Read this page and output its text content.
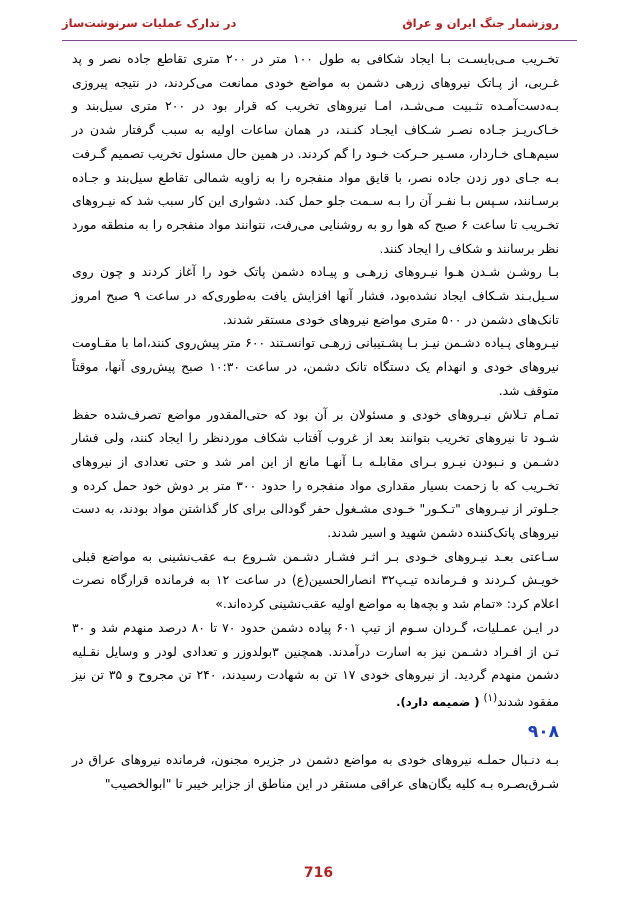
روزشمار جنگ ایران و عراق
در تدارک عملیات سرنوشت‌ساز

تخـریب مـی‌بایسـت بـا ایجاد شکافی به طول ۱۰۰ متر در ۲۰۰ متری تقاطع جاده نصر و پد غـربی، از پـاتک نیروهای زرهی دشمن به مواضع خودی ممانعت می‌کردند، در نتیجه پیروزی بـه‌دست‌آمـده تثـبیت مـی‌شـد، امـا نیروهای تخریب که قرار بود در ۲۰۰ متری سیل‌بند و خـاک‌ریـز جـاده نصـر شـکاف ایجـاد کنـند، در همان ساعات اولیه به سبب گرفتار شدن در سیم‌هـای خـاردار، مسـیر حـرکت خـود را گم کردند. در همین حال مسئول تخریب تصمیم گـرفت بـه جـای دور زدن جاده نصر، با قایق مواد منفجره را به زاویه شمالی تقاطع سیل‌بند و جـاده برسـانند، سـپس بـا نفـر آن را بـه سـمت جلو حمل کند. دشواری این کار سبب شد که نیـروهای تخـریب تا ساعت ۶ صبح که هوا رو به روشنایی می‌رفت، نتوانند مواد منفجره را به منطقه مورد نظر برسانند و شکاف را ایجاد کنند.

بـا روشـن شـدن هـوا نیـروهای زرهـی و پیـاده دشمن پاتک خود را آغاز کردند و چون روی سـیل‌بـند شـکاف ایجاد نشده‌بود، فشار آنها افزایش یافت به‌طوری‌که در ساعت ۹ صبح امروز تانک‌های دشمن در ۵۰۰ متری مواضع نیروهای خودی مستقر شدند.

نیـروهای پـیاده دشـمن نیـز بـا پشـتیبانی زرهـی توانسـتند ۶۰۰ متر پیش‌روی کنند،اما با مقـاومت نیروهای خودی و انهدام یک دستگاه تانک دشمن، در ساعت ۱۰:۳۰ صبح پیش‌روی آنها، موقتاً متوقف شد.

تمـام تـلاش نیـروهای خودی و مسئولان بر آن بود که حتی‌المقدور مواضع تصرف‌شده حفظ شـود تا نیروهای تخریب بتوانند بعد از غروب آفتاب شکاف موردنظر را ایجاد کنند، ولی فشار دشـمن و نـبودن نیـرو بـرای مقابلـه بـا آنهـا مانع از این امر شد و حتی تعدادی از نیروهای تخـریب که با زحمت بسیار مقداری مواد منفجره را حدود ۳۰۰ متر بر دوش خود حمل کرده و جـلوتر از نیـروهای "تـکـور" خـودی مشـغول حفر گودالی برای کار گذاشتن مواد بودند، به دست نیروهای پاتک‌کننده دشمن شهید و اسیر شدند.

سـاعتی بعـد نیـروهای خـودی بـر اثـر فشـار دشـمن شـروع بـه عقب‌نشینی به مواضع قبلی خویـش کـردند و فـرمانده تیـپ۳۲ انصارالحسین(ع) در ساعت ۱۲ به فرمانده قرارگاه نصرت اعلام کرد: «تمام شد و بچه‌ها به مواضع اولیه عقب‌نشینی کرده‌اند.»

در ایـن عمـلیات، گـردان سـوم از تیپ ۶۰۱ پیاده دشمن حدود ۷۰ تا ۸۰ درصد منهدم شد و ۳۰ تـن از افـراد دشـمن نیز به اسارت درآمدند. همچنین ۳بولدوزر و تعدادی لودر و وسایل نقـلیه دشمن منهدم گردید. از نیروهای خودی ۱۷ تن به شهادت رسیدند، ۲۴۰ تن مجروح و ۳۵ تن نیز مفقود شدند$^{(۱)}$ ( ضمیمه دارد).

۹۰۸

بـه دنـبال حملـه نیروهای خودی به مواضع دشمن در جزیره مجنون، فرمانده نیروهای عراق در شـرق‌بصـره بـه کلیه یگان‌های عراقی مستقر در این مناطق از جزایر خیبر تا "ابوالخصیب"

716
